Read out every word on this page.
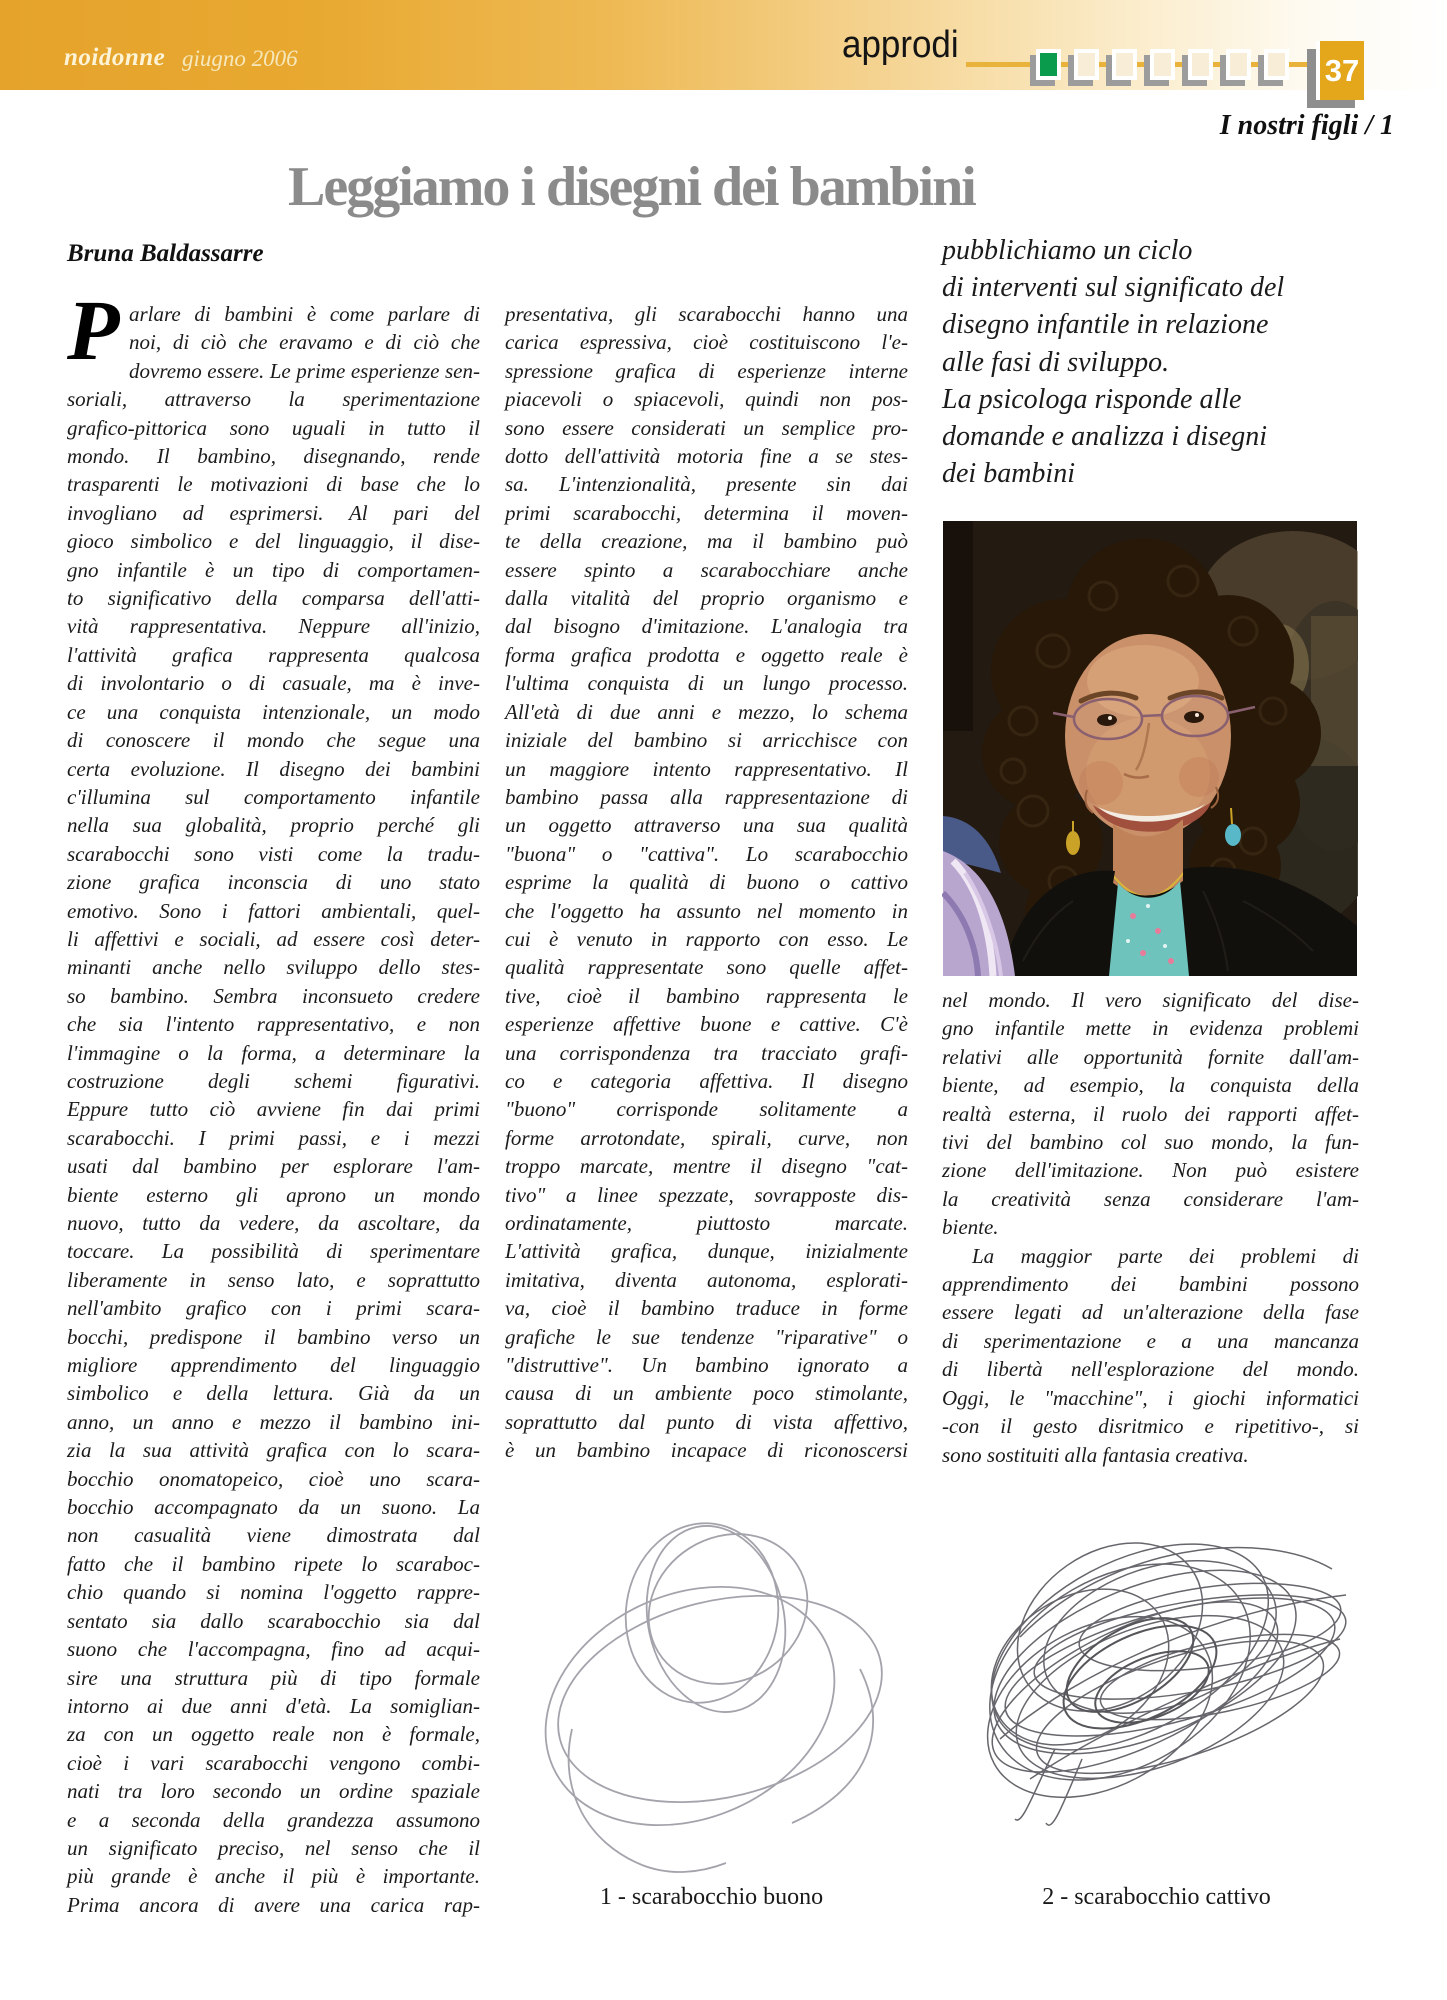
noidonne giugno 2006	approdi
37
I nostri figli / 1
Leggiamo i disegni dei bambini
Bruna Baldassarre
P arlare di bambini è come parlare di
noi, di ciò che eravamo e di ciò che
dovremo essere. Le prime esperienze sen-
soriali, attraverso la sperimentazione
grafico-pittorica sono uguali in tutto il
mondo. Il bambino, disegnando, rende
trasparenti le motivazioni di base che lo
invogliano ad esprimersi. Al pari del
gioco simbolico e del linguaggio, il dise-
gno infantile è un tipo di comportamen-
to significativo della comparsa dell'atti-
vità rappresentativa. Neppure all'inizio,
l'attività grafica rappresenta qualcosa
di involontario o di casuale, ma è inve-
ce una conquista intenzionale, un modo
di conoscere il mondo che segue una
certa evoluzione. Il disegno dei bambini
c'illumina sul comportamento infantile
nella sua globalità, proprio perché gli
scarabocchi sono visti come la tradu-
zione grafica inconscia di uno stato
emotivo. Sono i fattori ambientali, quel-
li affettivi e sociali, ad essere così deter-
minanti anche nello sviluppo dello stes-
so bambino. Sembra inconsueto credere
che sia l'intento rappresentativo, e non
l'immagine o la forma, a determinare la
costruzione degli schemi figurativi.
Eppure tutto ciò avviene fin dai primi
scarabocchi. I primi passi, e i mezzi
usati dal bambino per esplorare l'am-
biente esterno gli aprono un mondo
nuovo, tutto da vedere, da ascoltare, da
toccare. La possibilità di sperimentare
liberamente in senso lato, e soprattutto
nell'ambito grafico con i primi scara-
bocchi, predispone il bambino verso un
migliore apprendimento del linguaggio
simbolico e della lettura. Già da un
anno, un anno e mezzo il bambino ini-
zia la sua attività grafica con lo scara-
bocchio onomatopeico, cioè uno scara-
bocchio accompagnato da un suono. La
non casualità viene dimostrata dal
fatto che il bambino ripete lo scaraboc-
chio quando si nomina l'oggetto rappre-
sentato sia dallo scarabocchio sia dal
suono che l'accompagna, fino ad acqui-
sire una struttura più di tipo formale
intorno ai due anni d'età. La somiglian-
za con un oggetto reale non è formale,
cioè i vari scarabocchi vengono combi-
nati tra loro secondo un ordine spaziale
e a seconda della grandezza assumono
un significato preciso, nel senso che il
più grande è anche il più è importante.
Prima ancora di avere una carica rap-
presentativa, gli scarabocchi hanno una
carica espressiva, cioè costituiscono l'e-
spressione grafica di esperienze interne
piacevoli o spiacevoli, quindi non pos-
sono essere considerati un semplice pro-
dotto dell'attività motoria fine a se stes-
sa. L'intenzionalità, presente sin dai
primi scarabocchi, determina il moven-
te della creazione, ma il bambino può
essere spinto a scarabocchiare anche
dalla vitalità del proprio organismo e
dal bisogno d'imitazione. L'analogia tra
forma grafica prodotta e oggetto reale è
l'ultima conquista di un lungo processo.
All'età di due anni e mezzo, lo schema
iniziale del bambino si arricchisce con
un maggiore intento rappresentativo. Il
bambino passa alla rappresentazione di
un oggetto attraverso una sua qualità
"buona" o "cattiva". Lo scarabocchio
esprime la qualità di buono o cattivo
che l'oggetto ha assunto nel momento in
cui è venuto in rapporto con esso. Le
qualità rappresentate sono quelle affet-
tive, cioè il bambino rappresenta le
esperienze affettive buone e cattive. C'è
una corrispondenza tra tracciato grafi-
co e categoria affettiva. Il disegno
"buono" corrisponde solitamente a
forme arrotondate, spirali, curve, non
troppo marcate, mentre il disegno "cat-
tivo" a linee spezzate, sovrapposte dis-
ordinatamente, piuttosto marcate.
L'attività grafica, dunque, inizialmente
imitativa, diventa autonoma, esplorati-
va, cioè il bambino traduce in forme
grafiche le sue tendenze "riparative" o
"distruttive". Un bambino ignorato a
causa di un ambiente poco stimolante,
soprattutto dal punto di vista affettivo,
è un bambino incapace di riconoscersi
pubblichiamo un ciclo
di interventi sul significato del
disegno infantile in relazione
alle fasi di sviluppo.
La psicologa risponde alle
domande e analizza i disegni
dei bambini
nel mondo. Il vero significato del dise-
gno infantile mette in evidenza problemi
relativi alle opportunità fornite dall'am-
biente, ad esempio, la conquista della
realtà esterna, il ruolo dei rapporti affet-
tivi del bambino col suo mondo, la fun-
zione dell'imitazione. Non può esistere
la creatività senza considerare l'am-
biente.
La maggior parte dei problemi di
apprendimento dei bambini possono
essere legati ad un'alterazione della fase
di sperimentazione e a una mancanza
di libertà nell'esplorazione del mondo.
Oggi, le "macchine", i giochi informatici
-con il gesto disritmico e ripetitivo-, si
sono sostituiti alla fantasia creativa.
1 - scarabocchio buono	2 - scarabocchio cattivo
